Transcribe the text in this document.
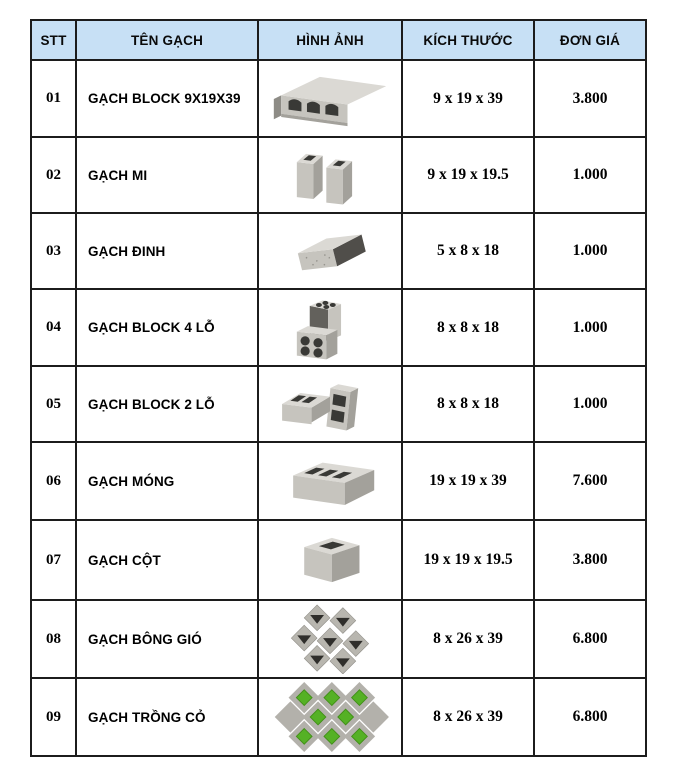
STT	TÊN GẠCH	HÌNH ẢNH	KÍCH THƯỚC	ĐƠN GIÁ
01	GẠCH BLOCK 9X19X39		9 x 19 x 39	3.800
02	GẠCH MI		9 x 19 x 19.5	1.000
03	GẠCH ĐINH		5 x 8 x 18	1.000
04	GẠCH BLOCK 4 LỖ		8 x 8 x 18	1.000
05	GẠCH BLOCK 2 LỖ		8 x 8 x 18	1.000
06	GẠCH MÓNG		19 x 19 x 39	7.600
07	GẠCH CỘT		19 x 19 x 19.5	3.800
08	GẠCH BÔNG GIÓ		8 x 26 x 39	6.800
09	GẠCH TRỒNG CỎ		8 x 26 x 39	6.800
